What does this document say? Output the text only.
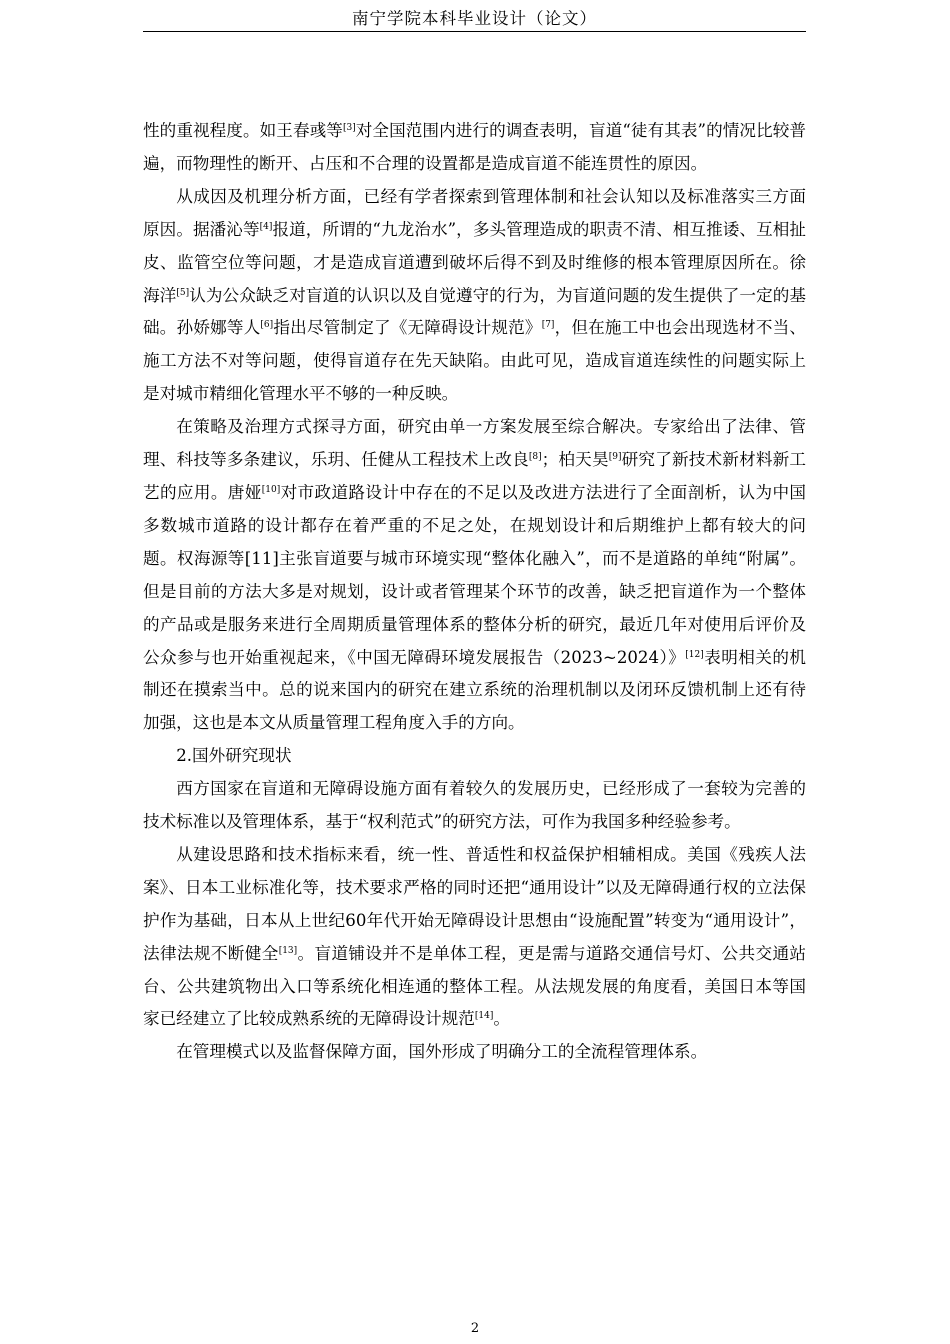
南宁学院本科毕业设计（论文）

性的重视程度。如王春彧等[3]对全国范围内进行的调查表明，盲道“徒有其表”的情况比较普遍，而物理性的断开、占压和不合理的设置都是造成盲道不能连贯性的原因。

从成因及机理分析方面，已经有学者探索到管理体制和社会认知以及标准落实三方面原因。据潘沁等[4]报道，所谓的“九龙治水”，多头管理造成的职责不清、相互推诿、互相扯皮、监管空位等问题，才是造成盲道遭到破坏后得不到及时维修的根本管理原因所在。徐海洋[5]认为公众缺乏对盲道的认识以及自觉遵守的行为，为盲道问题的发生提供了一定的基础。孙娇娜等人[6]指出尽管制定了《无障碍设计规范》[7]，但在施工中也会出现选材不当、施工方法不对等问题，使得盲道存在先天缺陷。由此可见，造成盲道连续性的问题实际上是对城市精细化管理水平不够的一种反映。

在策略及治理方式探寻方面，研究由单一方案发展至综合解决。专家给出了法律、管理、科技等多条建议，乐玥、任健从工程技术上改良[8]；柏天昊[9]研究了新技术新材料新工艺的应用。唐娅[10]对市政道路设计中存在的不足以及改进方法进行了全面剖析，认为中国多数城市道路的设计都存在着严重的不足之处，在规划设计和后期维护上都有较大的问题。权海源等[11]主张盲道要与城市环境实现“整体化融入”，而不是道路的单纯“附属”。但是目前的方法大多是对规划，设计或者管理某个环节的改善，缺乏把盲道作为一个整体的产品或是服务来进行全周期质量管理体系的整体分析的研究，最近几年对使用后评价及公众参与也开始重视起来，《中国无障碍环境发展报告（2023~2024）》[12]表明相关的机制还在摸索当中。总的说来国内的研究在建立系统的治理机制以及闭环反馈机制上还有待加强，这也是本文从质量管理工程角度入手的方向。

2.国外研究现状

西方国家在盲道和无障碍设施方面有着较久的发展历史，已经形成了一套较为完善的技术标准以及管理体系，基于“权利范式”的研究方法，可作为我国多种经验参考。

从建设思路和技术指标来看，统一性、普适性和权益保护相辅相成。美国《残疾人法案》、日本工业标准化等，技术要求严格的同时还把“通用设计”以及无障碍通行权的立法保护作为基础，日本从上世纪60年代开始无障碍设计思想由“设施配置”转变为“通用设计”，法律法规不断健全[13]。盲道铺设并不是单体工程，更是需与道路交通信号灯、公共交通站台、公共建筑物出入口等系统化相连通的整体工程。从法规发展的角度看，美国日本等国家已经建立了比较成熟系统的无障碍设计规范[14]。

在管理模式以及监督保障方面，国外形成了明确分工的全流程管理体系。

2
